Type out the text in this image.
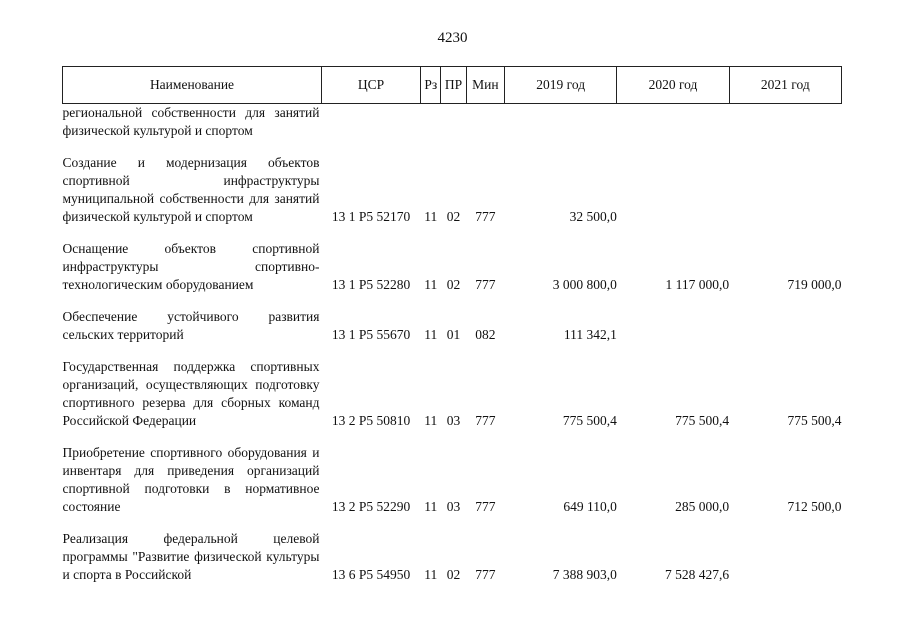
4230
Наименование	ЦСР	Рз	ПР	Мин	2019 год	2020 год	2021 год
региональной собственности для занятий физической культурой и спортом							
Создание и модернизация объектов спортивной инфраструктуры муниципальной собственности для занятий физической культурой и спортом	13 1 P5 52170	11	02	777	32 500,0		
Оснащение объектов спортивной инфраструктуры спортивно-технологическим оборудованием	13 1 P5 52280	11	02	777	3 000 800,0	1 117 000,0	719 000,0
Обеспечение устойчивого развития сельских территорий	13 1 P5 55670	11	01	082	111 342,1		
Государственная поддержка спортивных организаций, осуществляющих подготовку спортивного резерва для сборных команд Российской Федерации	13 2 P5 50810	11	03	777	775 500,4	775 500,4	775 500,4
Приобретение спортивного оборудования и инвентаря для приведения организаций спортивной подготовки в нормативное состояние	13 2 P5 52290	11	03	777	649 110,0	285 000,0	712 500,0
Реализация федеральной целевой программы "Развитие физической культуры и спорта в Российской	13 6 P5 54950	11	02	777	7 388 903,0	7 528 427,6	
